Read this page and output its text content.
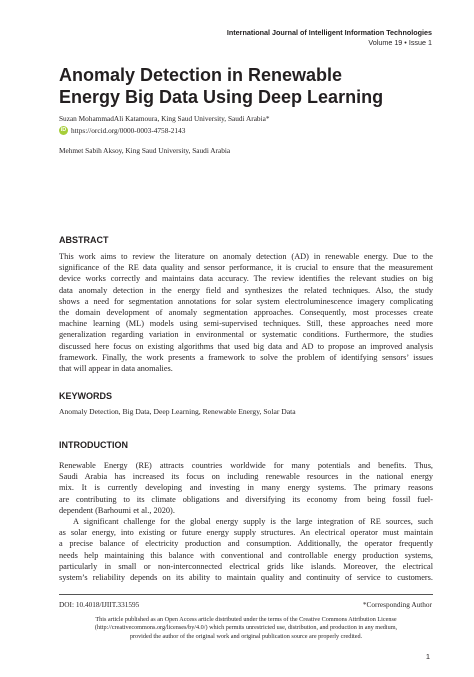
International Journal of Intelligent Information Technologies
Volume 19 • Issue 1
Anomaly Detection in Renewable
Energy Big Data Using Deep Learning
Suzan MohammadAli Katamoura, King Saud University, Saudi Arabia*
iD https://orcid.org/0000-0003-4758-2143
Mehmet Sabih Aksoy, King Saud University, Saudi Arabia
ABSTRACT
This work aims to review the literature on anomaly detection (AD) in renewable energy. Due to the
significance of the RE data quality and sensor performance, it is crucial to ensure that the measurement
device works correctly and maintains data accuracy. The review identifies the relevant studies on big
data anomaly detection in the energy field and synthesizes the related techniques. Also, the study
shows a need for segmentation annotations for solar system electroluminescence imagery complicating
the domain development of anomaly segmentation approaches. Consequently, most processes create
machine learning (ML) models using semi-supervised techniques. Still, these approaches need more
generalization regarding variation in environmental or systematic conditions. Furthermore, the studies
discussed here focus on existing algorithms that used big data and AD to propose an improved analysis
framework. Finally, the work presents a framework to solve the problem of identifying sensors’ issues
that will appear in data anomalies.
KEYWORDS
Anomaly Detection, Big Data, Deep Learning, Renewable Energy, Solar Data
INTRODUCTION
Renewable Energy (RE) attracts countries worldwide for many potentials and benefits. Thus,
Saudi Arabia has increased its focus on including renewable resources in the national energy
mix. It is currently developing and investing in many energy systems. The primary reasons
are contributing to its climate obligations and diversifying its economy from being fossil fuel-
dependent (Barhoumi et al., 2020).
A significant challenge for the global energy supply is the large integration of RE sources, such
as solar energy, into existing or future energy supply structures. An electrical operator must maintain
a precise balance of electricity production and consumption. Additionally, the operator frequently
needs help maintaining this balance with conventional and controllable energy production systems,
particularly in small or non-interconnected electrical grids like islands. Moreover, the electrical
system’s reliability depends on its ability to maintain quality and continuity of service to customers.
DOI: 10.4018/IJIIT.331595	*Corresponding Author
This article published as an Open Access article distributed under the terms of the Creative Commons Attribution License
(http://creativecommons.org/licenses/by/4.0/) which permits unrestricted use, distribution, and production in any medium,
provided the author of the original work and original publication source are properly credited.
1
